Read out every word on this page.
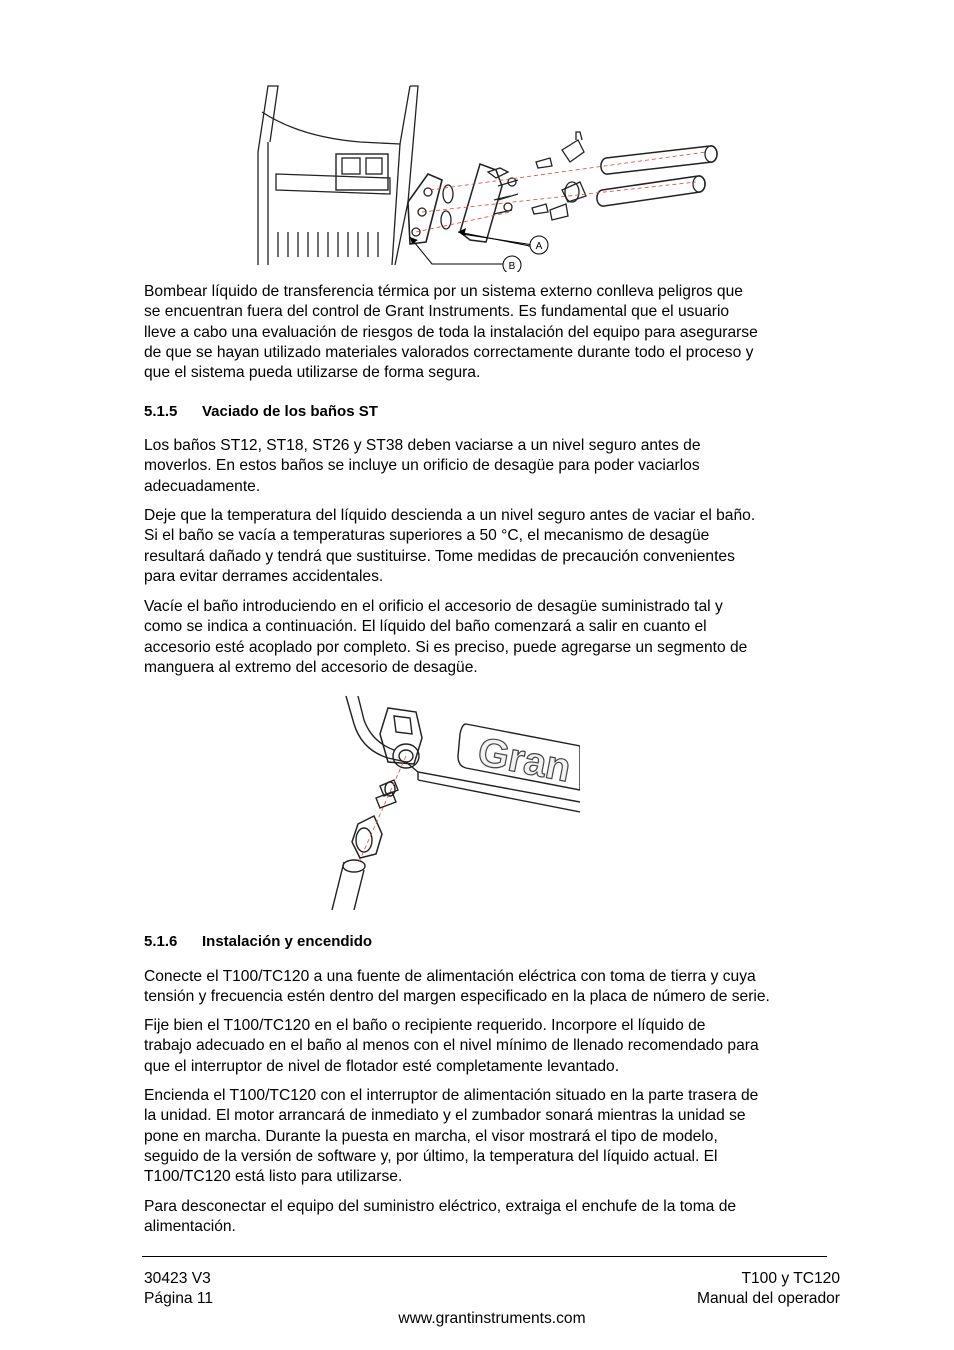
A
B
Bombear líquido de transferencia térmica por un sistema externo conlleva peligros que
se encuentran fuera del control de Grant Instruments. Es fundamental que el usuario
lleve a cabo una evaluación de riesgos de toda la instalación del equipo para asegurarse
de que se hayan utilizado materiales valorados correctamente durante todo el proceso y
que el sistema pueda utilizarse de forma segura.
5.1.5 Vaciado de los baños ST
Los baños ST12, ST18, ST26 y ST38 deben vaciarse a un nivel seguro antes de
moverlos. En estos baños se incluye un orificio de desagüe para poder vaciarlos
adecuadamente.
Deje que la temperatura del líquido descienda a un nivel seguro antes de vaciar el baño.
Si el baño se vacía a temperaturas superiores a 50 °C, el mecanismo de desagüe
resultará dañado y tendrá que sustituirse. Tome medidas de precaución convenientes
para evitar derrames accidentales.
Vacíe el baño introduciendo en el orificio el accesorio de desagüe suministrado tal y
como se indica a continuación. El líquido del baño comenzará a salir en cuanto el
accesorio esté acoplado por completo. Si es preciso, puede agregarse un segmento de
manguera al extremo del accesorio de desagüe.
Gran
5.1.6 Instalación y encendido
Conecte el T100/TC120 a una fuente de alimentación eléctrica con toma de tierra y cuya
tensión y frecuencia estén dentro del margen especificado en la placa de número de serie.
Fije bien el T100/TC120 en el baño o recipiente requerido. Incorpore el líquido de
trabajo adecuado en el baño al menos con el nivel mínimo de llenado recomendado para
que el interruptor de nivel de flotador esté completamente levantado.
Encienda el T100/TC120 con el interruptor de alimentación situado en la parte trasera de
la unidad. El motor arrancará de inmediato y el zumbador sonará mientras la unidad se
pone en marcha. Durante la puesta en marcha, el visor mostrará el tipo de modelo,
seguido de la versión de software y, por último, la temperatura del líquido actual. El
T100/TC120 está listo para utilizarse.
Para desconectar el equipo del suministro eléctrico, extraiga el enchufe de la toma de
alimentación.
30423 V3
Página 11
T100 y TC120
Manual del operador
www.grantinstruments.com
